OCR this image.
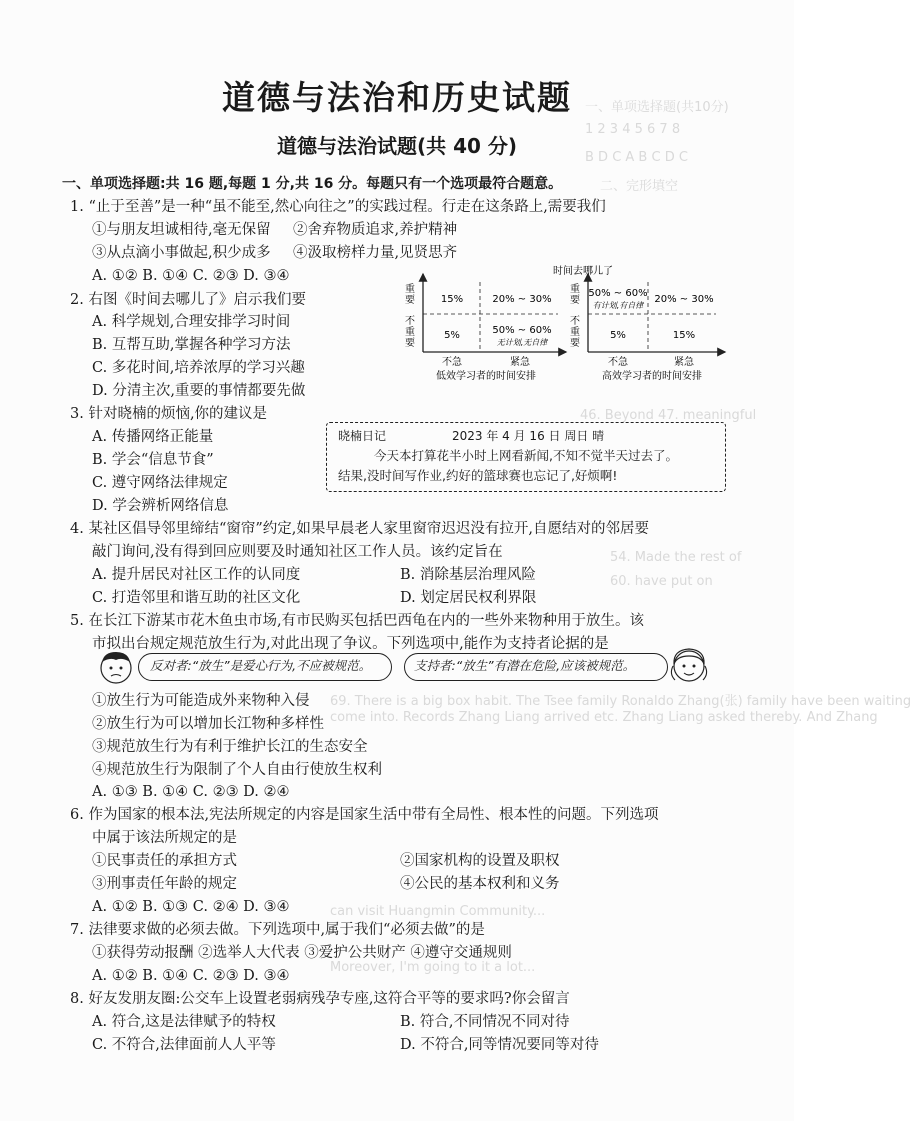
一、单项选择题(共10分)
1 2 3 4 5 6 7 8
B D C A B C D C
二、完形填空
46. Beyond 47. meaningful
54. Made the rest of
60. have put on
69. There is a big box habit. The Tsee family Ronaldo Zhang(张) family have been waiting
come into. Records Zhang Liang arrived etc. Zhang Liang asked thereby. And Zhang
can visit Huangmin Community...
Moreover, I'm going to it a lot...
道德与法治和历史试题
道德与法治试题(共 40 分)
一、单项选择题:共 16 题,每题 1 分,共 16 分。每题只有一个选项最符合题意。
1. “止于至善”是一种“虽不能至,然心向往之”的实践过程。行走在这条路上,需要我们
①与朋友坦诚相待,毫无保留 ②舍弃物质追求,养护精神
③从点滴小事做起,积少成多 ④汲取榜样力量,见贤思齐
A. ①② B. ①④ C. ②③ D. ③④
2. 右图《时间去哪儿了》启示我们要
A. 科学规划,合理安排学习时间
B. 互帮互助,掌握各种学习方法
C. 多花时间,培养浓厚的学习兴趣
D. 分清主次,重要的事情都要先做
时间去哪儿了
重要
不重要
15%	20% ~ 30%
5%	50% ~ 60%
无计划,无自律
不急	紧急
低效学习者的时间安排
重要
不重要
50% ~ 60%
有计划,有自律
20% ~ 30%
5%	15%
不急	紧急
高效学习者的时间安排
3. 针对晓楠的烦恼,你的建议是
A. 传播网络正能量
B. 学会“信息节食”
C. 遵守网络法律规定
D. 学会辨析网络信息
晓楠日记	2023 年 4 月 16 日 周日 晴
今天本打算花半小时上网看新闻,不知不觉半天过去了。
结果,没时间写作业,约好的篮球赛也忘记了,好烦啊!
4. 某社区倡导邻里缔结“窗帘”约定,如果早晨老人家里窗帘迟迟没有拉开,自愿结对的邻居要
敲门询问,没有得到回应则要及时通知社区工作人员。该约定旨在
A. 提升居民对社区工作的认同度	B. 消除基层治理风险
C. 打造邻里和谐互助的社区文化	D. 划定居民权利界限
5. 在长江下游某市花木鱼虫市场,有市民购买包括巴西龟在内的一些外来物种用于放生。该
市拟出台规定规范放生行为,对此出现了争议。下列选项中,能作为支持者论据的是
反对者:“放生”是爱心行为,不应被规范。	支持者:“放生”有潜在危险,应该被规范。
①放生行为可能造成外来物种入侵
②放生行为可以增加长江物种多样性
③规范放生行为有利于维护长江的生态安全
④规范放生行为限制了个人自由行使放生权利
A. ①③ B. ①④ C. ②③ D. ②④
6. 作为国家的根本法,宪法所规定的内容是国家生活中带有全局性、根本性的问题。下列选项
中属于该法所规定的是
①民事责任的承担方式	②国家机构的设置及职权
③刑事责任年龄的规定	④公民的基本权利和义务
A. ①② B. ①③ C. ②④ D. ③④
7. 法律要求做的必须去做。下列选项中,属于我们“必须去做”的是
①获得劳动报酬 ②选举人大代表 ③爱护公共财产 ④遵守交通规则
A. ①② B. ①④ C. ②③ D. ③④
8. 好友发朋友圈:公交车上设置老弱病残孕专座,这符合平等的要求吗?你会留言
A. 符合,这是法律赋予的特权	B. 符合,不同情况不同对待
C. 不符合,法律面前人人平等	D. 不符合,同等情况要同等对待
